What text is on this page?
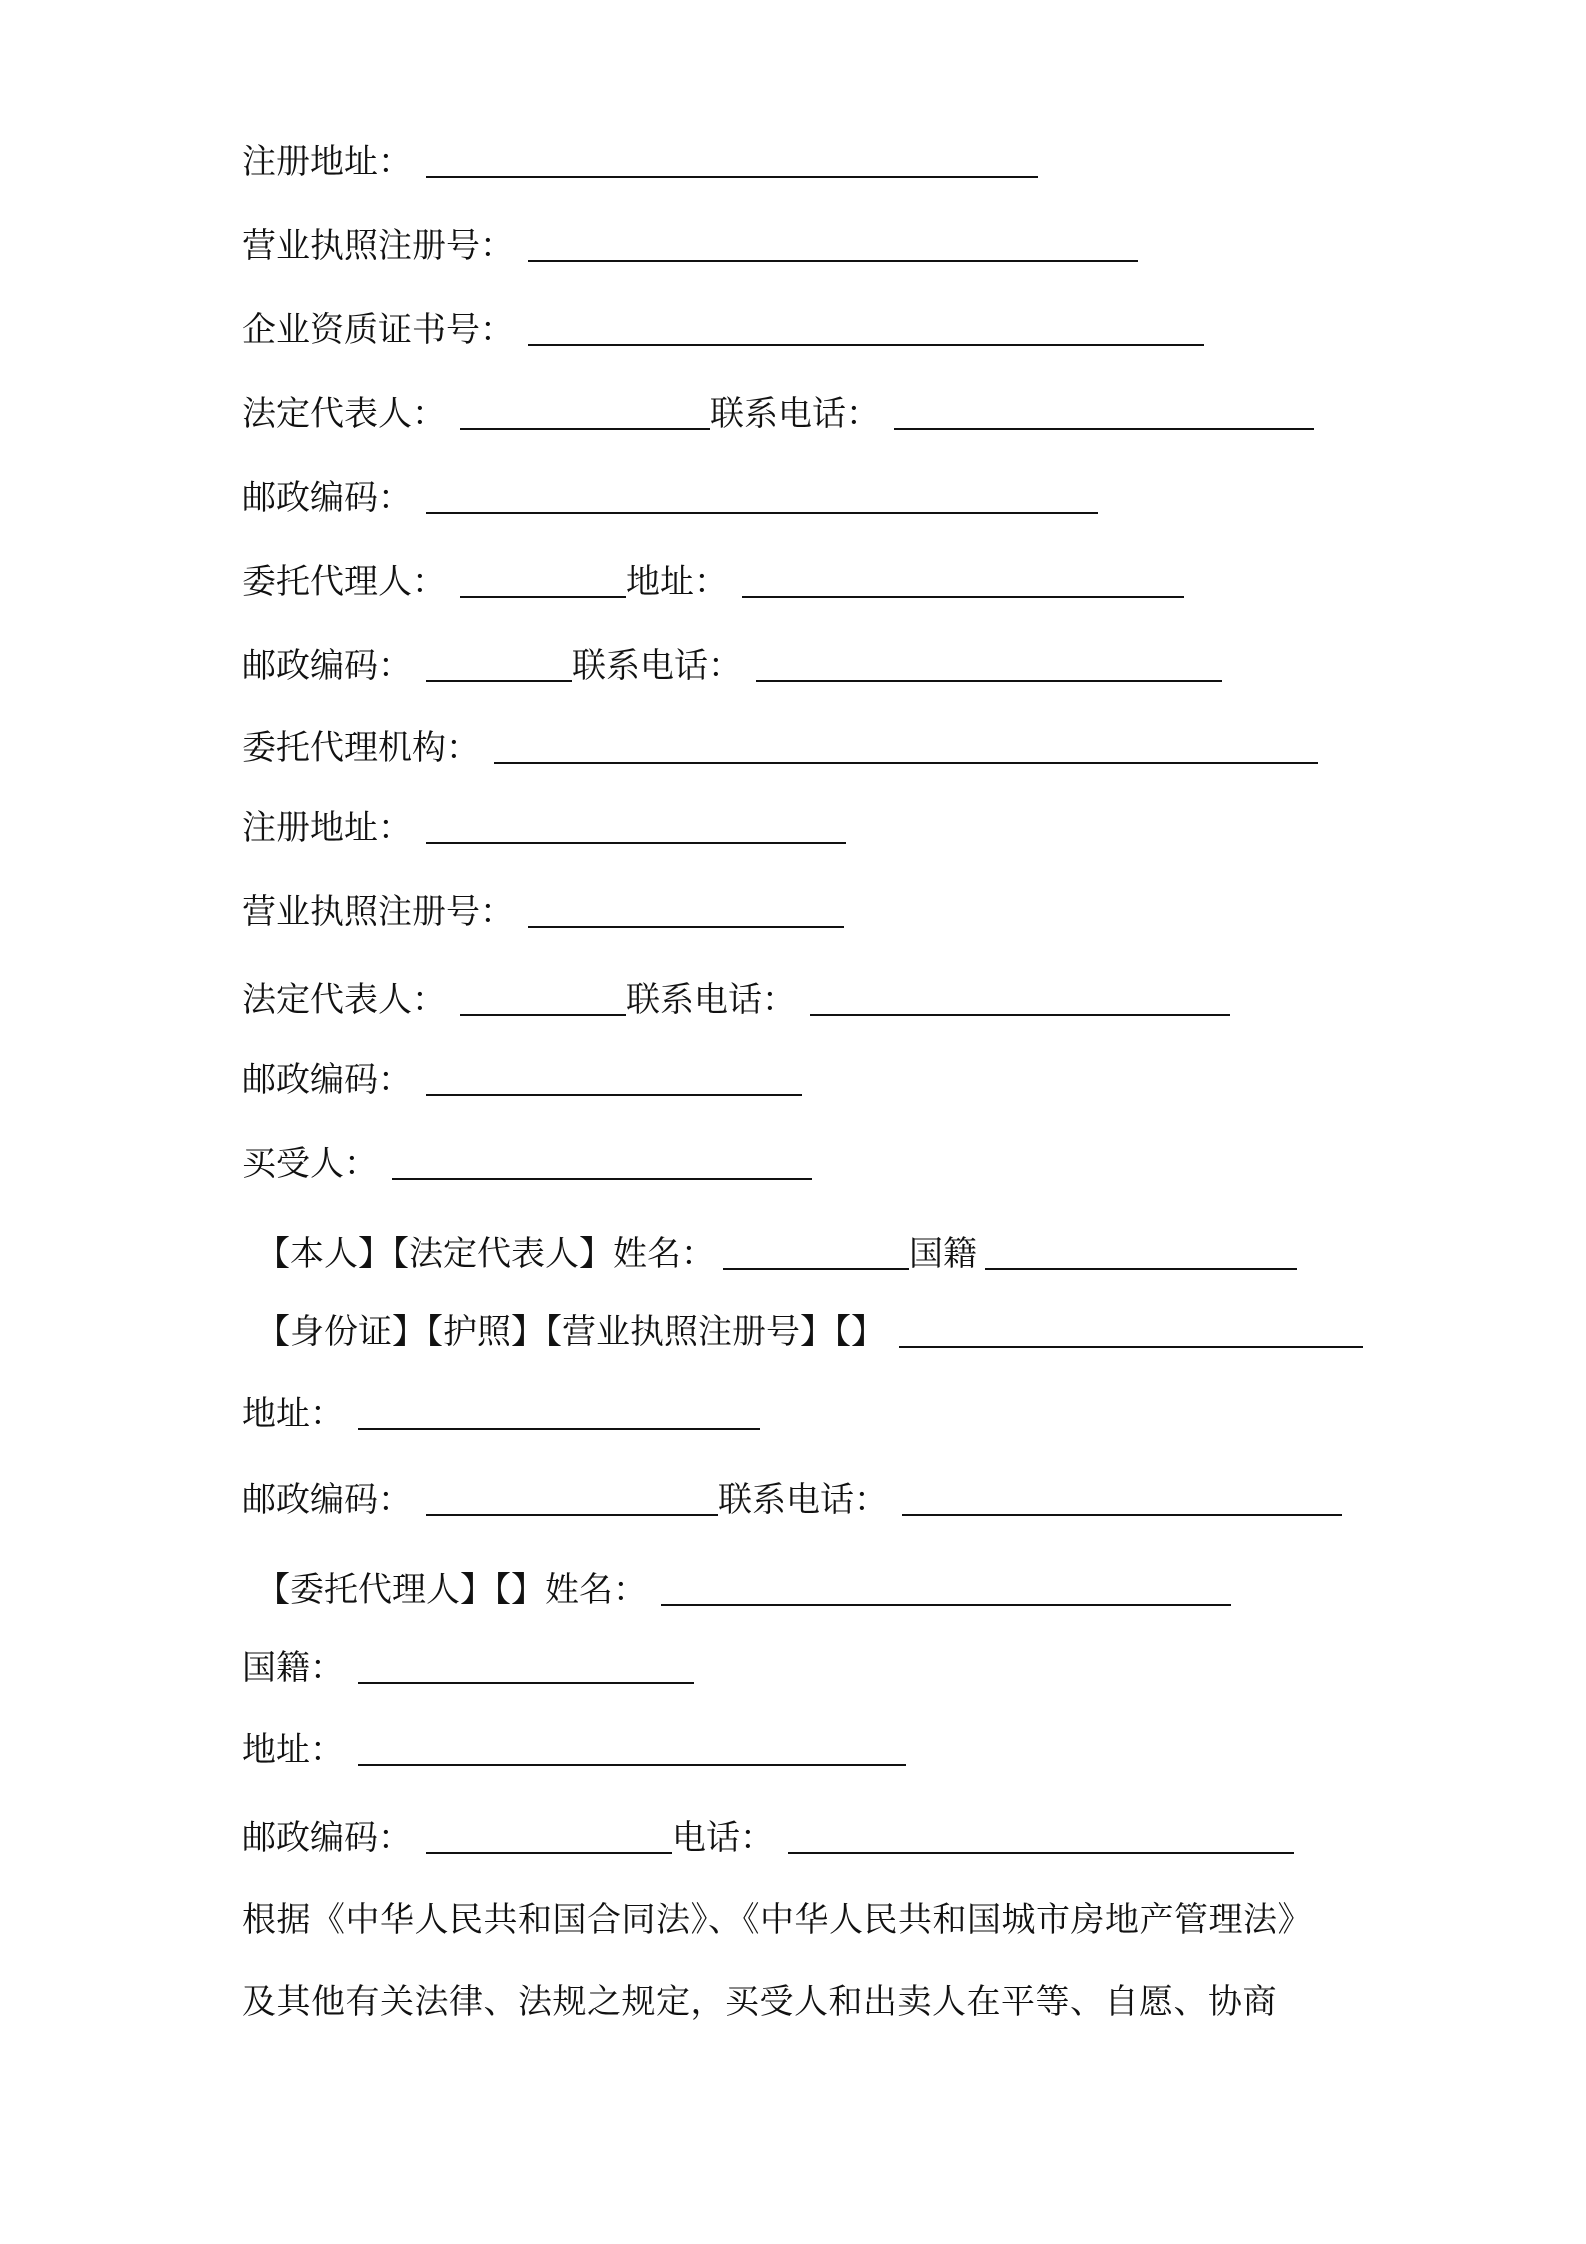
注册地址：
营业执照注册号：
企业资质证书号：
法定代表人：	联系电话：
邮政编码：
委托代理人：	地址：
邮政编码：	联系电话：
委托代理机构：
注册地址：
营业执照注册号：
法定代表人：	联系电话：
邮政编码：
买受人：
【本人】【法定代表人】姓名：	国籍
【身份证】【护照】【营业执照注册号】【】
地址：
邮政编码：	联系电话：
【委托代理人】【】姓名：
国籍：
地址：
邮政编码：	电话：
根据《中华人民共和国合同法》、《中华人民共和国城市房地产管理法》
及其他有关法律、法规之规定，买受人和出卖人在平等、自愿、协商
